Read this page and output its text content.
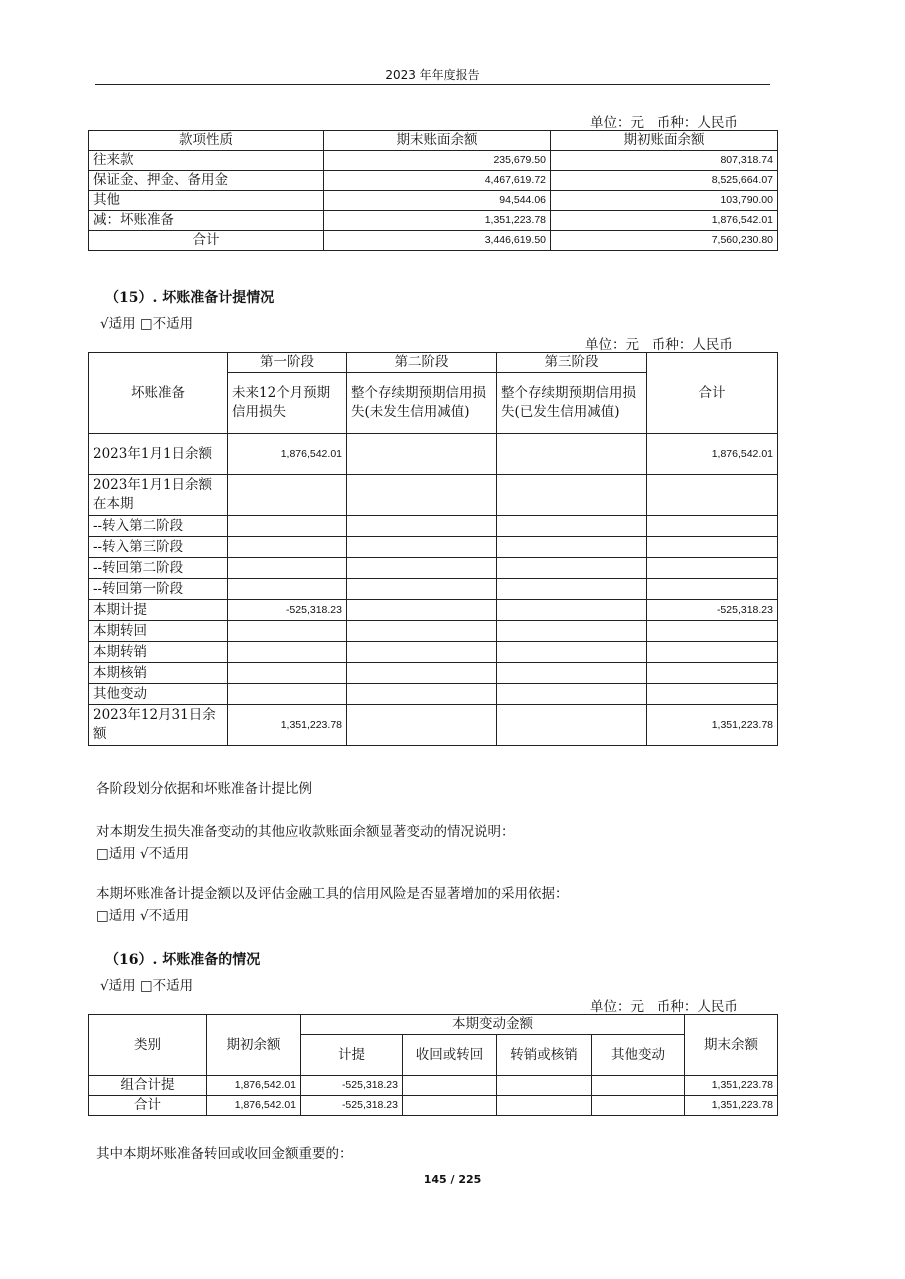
2023 年年度报告
单位：元   币种：人民币
款项性质	期末账面余额	期初账面余额
往来款	235,679.50	807,318.74
保证金、押金、备用金	4,467,619.72	8,525,664.07
其他	94,544.06	103,790.00
减：坏账准备	1,351,223.78	1,876,542.01
合计	3,446,619.50	7,560,230.80
（15）. 坏账准备计提情况
√适用 □不适用
单位：元   币种：人民币
坏账准备	第一阶段	第二阶段	第三阶段	合计
	未来12个月预期信用损失	整个存续期预期信用损失(未发生信用减值)	整个存续期预期信用损失(已发生信用减值)	
2023年1月1日余额	1,876,542.01			1,876,542.01
2023年1月1日余额在本期				
--转入第二阶段				
--转入第三阶段				
--转回第二阶段				
--转回第一阶段				
本期计提	-525,318.23			-525,318.23
本期转回				
本期转销				
本期核销				
其他变动				
2023年12月31日余额	1,351,223.78			1,351,223.78
各阶段划分依据和坏账准备计提比例
对本期发生损失准备变动的其他应收款账面余额显著变动的情况说明：
□适用 √不适用
本期坏账准备计提金额以及评估金融工具的信用风险是否显著增加的采用依据：
□适用 √不适用
（16）. 坏账准备的情况
√适用 □不适用
单位：元   币种：人民币
类别	期初余额	本期变动金额				期末余额
		计提	收回或转回	转销或核销	其他变动	
组合计提	1,876,542.01	-525,318.23				1,351,223.78
合计	1,876,542.01	-525,318.23				1,351,223.78
其中本期坏账准备转回或收回金额重要的：
145 / 225
